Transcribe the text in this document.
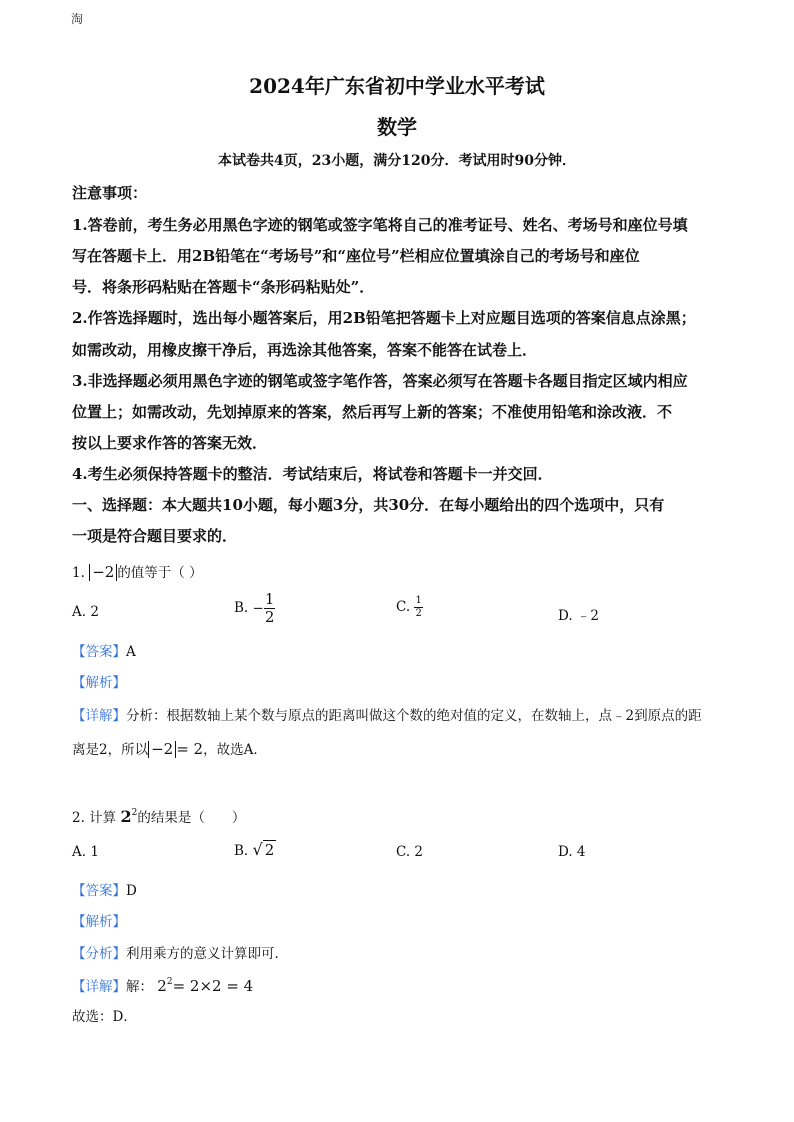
淘
2024年广东省初中学业水平考试
数学
本试卷共4页，23小题，满分120分．考试用时90分钟．
注意事项：
1.答卷前，考生务必用黑色字迹的钢笔或签字笔将自己的准考证号、姓名、考场号和座位号填
写在答题卡上．用2B铅笔在“考场号”和“座位号”栏相应位置填涂自己的考场号和座位
号．将条形码粘贴在答题卡“条形码粘贴处”．
2.作答选择题时，选出每小题答案后，用2B铅笔把答题卡上对应题目选项的答案信息点涂黑；
如需改动，用橡皮擦干净后，再选涂其他答案，答案不能答在试卷上．
3.非选择题必须用黑色字迹的钢笔或签字笔作答，答案必须写在答题卡各题目指定区域内相应
位置上；如需改动，先划掉原来的答案，然后再写上新的答案；不准使用铅笔和涂改液．不
按以上要求作答的答案无效．
4.考生必须保持答题卡的整洁．考试结束后，将试卷和答题卡一并交回．
一、选择题：本大题共10小题，每小题3分，共30分．在每小题给出的四个选项中，只有
一项是符合题目要求的．
1. −2 的值等于（ ）
A. 2	B. − $\frac{1}{2}$	C. $\frac{1}{2}$	D. ﹣2
【答案】A
【解析】
【详解】分析：根据数轴上某个数与原点的距离叫做这个数的绝对值的定义，在数轴上，点﹣2到原点的距
离是2，所以 −2 = 2，故选A．
2. 计算 $2^2$的结果是（　　）
A. 1	B. √ 2	C. 2	D. 4
【答案】D
【解析】
【分析】利用乘方的意义计算即可．
【详解】解： $2^2= 2\times 2 = 4$
故选：D．
